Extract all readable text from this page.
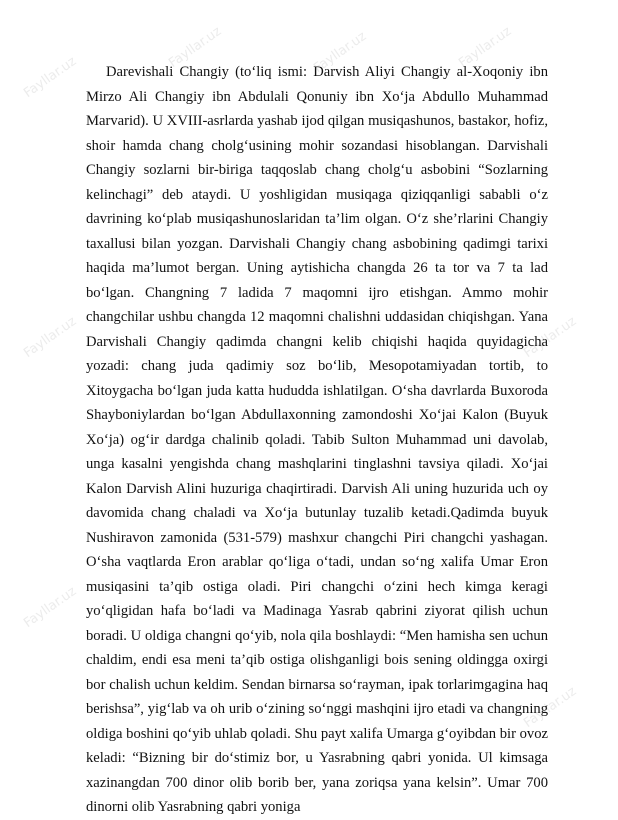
Fayllar.uz
Fayllar.uz	Fayllar.uz	Fayllar.uz
Fayllar.uz	Fayllar.uz
Fayllar.uz
Fayllar.uz

Darevishali Changiy (to‘liq ismi: Darvish Aliyi Changiy al-Xoqoniy ibn Mirzo Ali Changiy ibn Abdulali Qonuniy ibn Xo‘ja Abdullo Muhammad Marvarid). U XVIII-asrlarda yashab ijod qilgan musiqashunos, bastakor, hofiz, shoir hamda chang cholg‘usining mohir sozandasi hisoblangan. Darvishali Changiy sozlarni bir-biriga taqqoslab chang cholg‘u asbobini “Sozlarning kelinchagi” deb ataydi. U yoshligidan musiqaga qiziqqanligi sababli o‘z davrining ko‘plab musiqashunoslaridan ta’lim olgan. O‘z she’rlarini Changiy taxallusi bilan yozgan. Darvishali Changiy chang asbobining qadimgi tarixi haqida ma’lumot bergan. Uning aytishicha changda 26 ta tor va 7 ta lad bo‘lgan. Changning 7 ladida 7 maqomni ijro etishgan. Ammo mohir changchilar ushbu changda 12 maqomni chalishni uddasidan chiqishgan. Yana Darvishali Changiy qadimda changni kelib chiqishi haqida quyidagicha yozadi: chang juda qadimiy soz bo‘lib, Mesopotamiyadan tortib, to Xitoygacha bo‘lgan juda katta hududda ishlatilgan. O‘sha davrlarda Buxoroda Shayboniylardan bo‘lgan Abdullaxonning zamondoshi Xo‘jai Kalon (Buyuk Xo‘ja) og‘ir dardga chalinib qoladi. Tabib Sulton Muhammad uni davolab, unga kasalni yengishda chang mashqlarini tinglashni tavsiya qiladi. Xo‘jai Kalon Darvish Alini huzuriga chaqirtiradi. Darvish Ali uning huzurida uch oy davomida chang chaladi va Xo‘ja butunlay tuzalib ketadi.Qadimda buyuk Nushiravon zamonida (531-579) mashxur changchi Piri changchi yashagan. O‘sha vaqtlarda Eron arablar qo‘liga o‘tadi, undan so‘ng xalifa Umar Eron musiqasini ta’qib ostiga oladi. Piri changchi o‘zini hech kimga keragi yo‘qligidan hafa bo‘ladi va Madinaga Yasrab qabrini ziyorat qilish uchun boradi. U oldiga changni qo‘yib, nola qila boshlaydi: “Men hamisha sen uchun chaldim, endi esa meni ta’qib ostiga olishganligi bois sening oldingga oxirgi bor chalish uchun keldim. Sendan birnarsa so‘rayman, ipak torlarimgagina haq berishsa”, yig‘lab va oh urib o‘zining so‘nggi mashqini ijro etadi va changning oldiga boshini qo‘yib uhlab qoladi. Shu payt xalifa Umarga g‘oyibdan bir ovoz keladi: “Bizning bir do‘stimiz bor, u Yasrabning qabri yonida. Ul kimsaga xazinangdan 700 dinor olib borib ber, yana zoriqsa yana kelsin”. Umar 700 dinorni olib Yasrabning qabri yoniga
